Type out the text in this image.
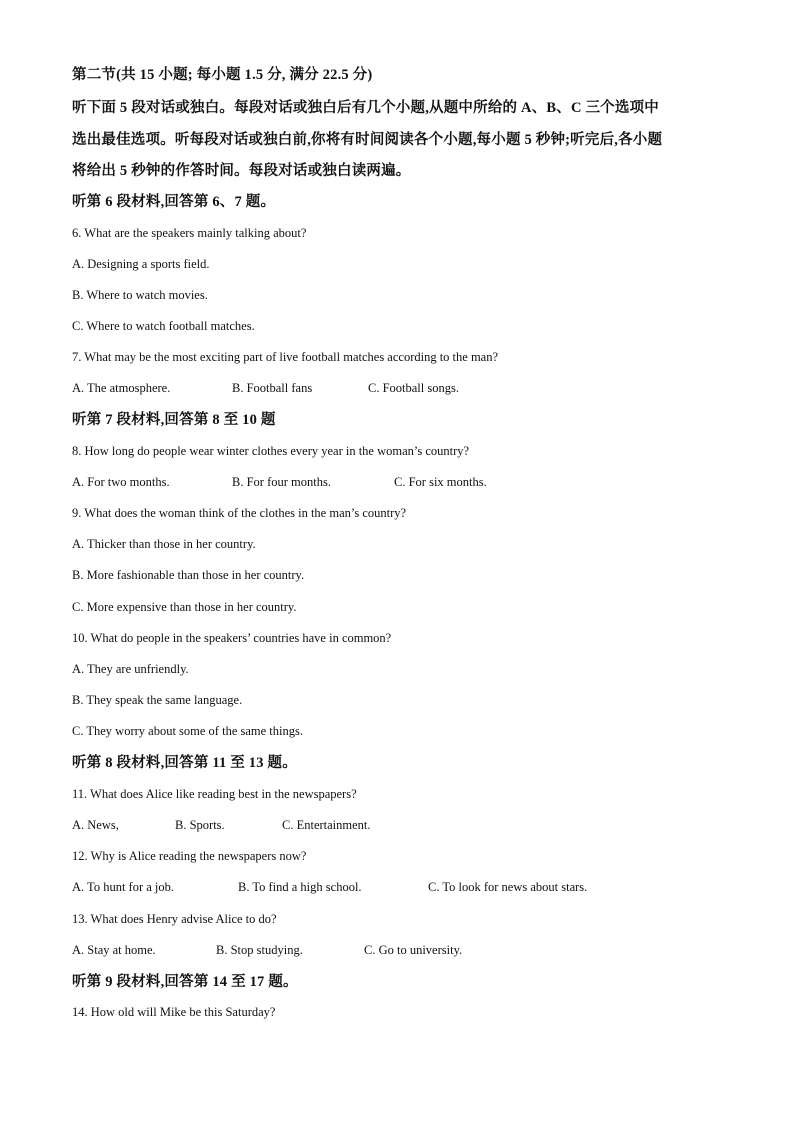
第二节(共 15 小题; 每小题 1.5 分, 满分 22.5 分)
听下面 5 段对话或独白。每段对话或独白后有几个小题,从题中所给的 A、B、C 三个选项中
选出最佳选项。听每段对话或独白前,你将有时间阅读各个小题,每小题 5 秒钟;听完后,各小题
将给出 5 秒钟的作答时间。每段对话或独白读两遍。
听第 6 段材料,回答第 6、7 题。
6. What are the speakers mainly talking about?
A. Designing a sports field.
B. Where to watch movies.
C. Where to watch football matches.
7. What may be the most exciting part of live football matches according to the man?
A. The atmosphere.	B. Football fans	C. Football songs.
听第 7 段材料,回答第 8 至 10 题
8. How long do people wear winter clothes every year in the woman’s country?
A. For two months.	B. For four months.	C. For six months.
9. What does the woman think of the clothes in the man’s country?
A. Thicker than those in her country.
B. More fashionable than those in her country.
C. More expensive than those in her country.
10. What do people in the speakers’ countries have in common?
A. They are unfriendly.
B. They speak the same language.
C. They worry about some of the same things.
听第 8 段材料,回答第 11 至 13 题。
11. What does Alice like reading best in the newspapers?
A. News,	B. Sports.	C. Entertainment.
12. Why is Alice reading the newspapers now?
A. To hunt for a job.	B. To find a high school.	C. To look for news about stars.
13. What does Henry advise Alice to do?
A. Stay at home.	B. Stop studying.	C. Go to university.
听第 9 段材料,回答第 14 至 17 题。
14. How old will Mike be this Saturday?
